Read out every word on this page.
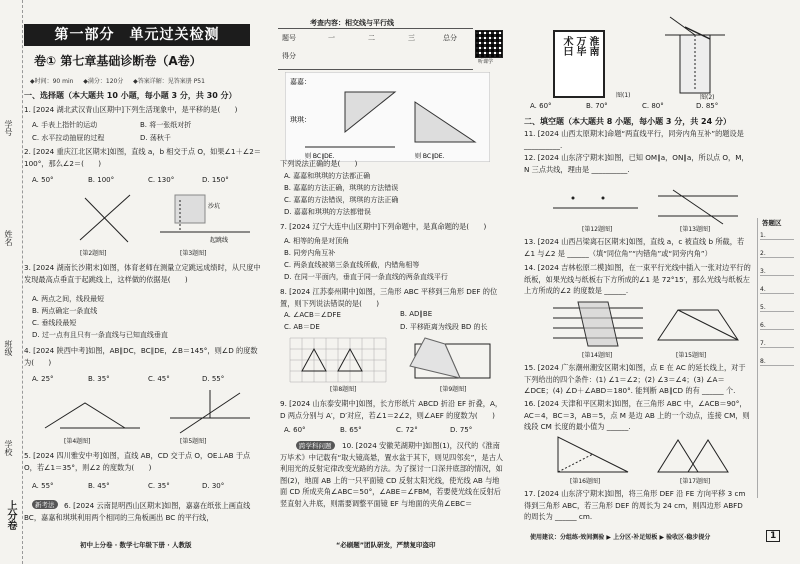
学号
姓名
班级
学校
上分卷
第一部分　单元过关检测
卷① 第七章基础诊断卷（A卷）
◆时间：90 min 　 ◆满分：120分 　 ◆答案详解：见答案册 P51
考查内容：相交线与平行线
题号	一	二	三	总分
得分
听课学
一、选择题（本大题共 10 小题，每小题 3 分，共 30 分）
1. [2024 湖北武汉青山区期中]下列生活现象中，是平移的是(　　)
A. 手表上指针的运动	B. 将一张纸对折
C. 水平拉动抽屉的过程	D. 荡秋千
2. [2024 重庆江北区期末]如图，直线 a，b 相交于点 O，如果∠1＋∠2＝100°，那么∠2＝(　　)
A. 50°	B. 100°	C. 130°	D. 150°
沙坑
起跳线
[第2题图]	[第3题图]
3. [2024 湖南长沙期末]如图，体育老师在测量立定跳远成绩时，从尺度中发现最高点垂直于起跳线上，这样做的依据是(　　)
A. 两点之间，线段最短
B. 两点确定一条直线
C. 垂线段最短
D. 过一点有且只有一条直线与已知直线垂直
4. [2024 陕西中考]如图，AB∥DC，BC∥DE，∠B＝145°，则∠D 的度数为(　　)
A. 25°	B. 35°	C. 45°	D. 55°
[第4题图]	[第5题图]
5. [2024 四川雅安中考]如图，直线 AB，CD 交于点 O，OE⊥AB 于点 O，若∠1＝35°，则∠2 的度数为(　　)
A. 55°	B. 45°	C. 35°	D. 30°
新考法	6. [2024 云南昆明西山区期末]如图，嘉嘉在纸张上画直线 BC，嘉嘉和琪琪利用两个相同的三角板画出 BC 的平行线，
初中上分卷 · 数学七年级下册 · 人教版
嘉嘉：
琪琪：
则 BC∥DE.	则 BC∥DE.
下列说法正确的是(　　)
A. 嘉嘉和琪琪的方法都正确
B. 嘉嘉的方法正确，琪琪的方法错误
C. 嘉嘉的方法错误，琪琪的方法正确
D. 嘉嘉和琪琪的方法都错误
7. [2024 辽宁大连中山区期中]下列命题中，是真命题的是(　　)
A. 相等的角是对顶角
B. 同旁内角互补
C. 两条直线被第三条直线所截，内错角相等
D. 在同一平面内，垂直于同一条直线的两条直线平行
8. [2024 江苏泰州期中]如图，三角形 ABC 平移到三角形 DEF 的位置，则下列说法错误的是(　　)
A. ∠ACB＝∠DFE	B. AD∥BE
C. AB＝DE	D. 平移距离为线段 BD 的长
[第8题图]	[第9题图]
9. [2024 山东泰安期中]如图，长方形纸片 ABCD 折沿 EF 折叠，A，D 两点分别与 A′，D′对应，若∠1＝2∠2，则∠AEF 的度数为(　　)
A. 60°	B. 65°	C. 72°	D. 75°
跨学科问题	10. [2024 安徽芜湖期中]如图(1)，汉代的《淮南万毕术》中记载有“取大镜高悬，置水盆于其下，则见四邻矣”，是古人利用光的反射定律改变光路的方法。为了探讨一口深井底部的情况，如图(2)，地面 AB 上的一只平面镜 CD 反射太阳光线，使光线 AB 与地面 CD 所成夹角∠ABC＝50°，∠ABE＝∠FBM，若要使光线在反射后竖直射入井底，则需要调整平面镜 EF 与地面的夹角∠EBC＝
“必刷题”团队研发，严禁复印盗印
淮南
万毕
术曰
图(1)	图(2)
A. 60°	B. 70°	C. 80°	D. 85°
二、填空题（本大题共 8 小题，每小题 3 分，共 24 分）
11. [2024 山西太原期末]命题“两直线平行，同旁内角互补”的题设是 __________.
12. [2024 山东济宁期末]如图，已知 OM∥a，ON∥a，所以点 O，M，N 三点共线，理由是 __________.
[第12题图]	[第13题图]
13. [2024 山西吕梁离石区期末]如图，直线 a，c 被直线 b 所截，若∠1 与∠2 是 ______（填“同位角”“内错角”或“同旁内角”）
14. [2024 吉林松原二模]如图，在一束平行光线中插入一张对边平行的纸板，如果光线与纸板右下方所成的∠1 是 72°15′，那么光线与纸板左上方所成的∠2 的度数是 ______.
[第14题图]	[第15题图]
15. [2024 广东潮州潮安区期末]如图，点 E 在 AC 的延长线上，对于下列给出的四个条件：(1) ∠1＝∠2；(2) ∠3＝∠4；(3) ∠A＝∠DCE；(4) ∠D＋∠ABD＝180°. 能判断 AB∥CD 的有 ______ 个.
16. [2024 天津和平区期末]如图，在三角形 ABC 中，∠ACB＝90°，AC＝4，BC＝3，AB＝5，点 M 是边 AB 上的一个动点，连接 CM，则线段 CM 长度的最小值为 ______.
[第16题图]	[第17题图]
17. [2024 山东济宁期末]如图，将三角形 DEF 沿 FE 方向平移 3 cm 得到三角形 ABC，若三角形 DEF 的周长为 24 cm，则四边形 ABFD 的周长为 ______ cm.
使用建议：分组练·效间测验 ▶ 上分区·补足短板 ▶ 验收区·稳步提分	1
答题区
1.
2.
3.
4.
5.
6.
7.
8.
